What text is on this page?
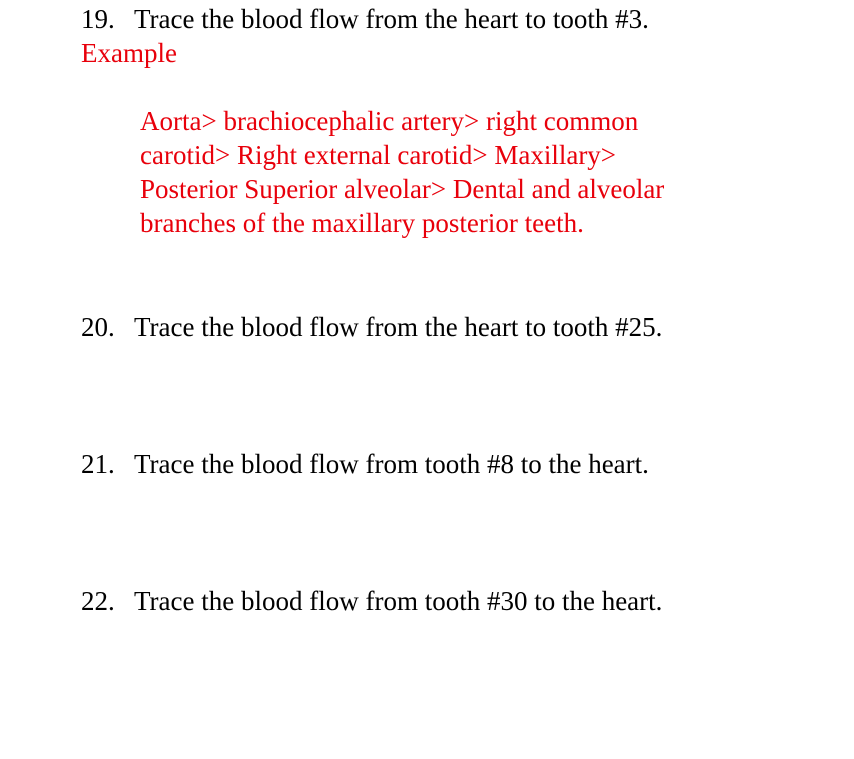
19. Trace the blood flow from the heart to tooth #3.
Example
Aorta> brachiocephalic artery> right common
carotid> Right external carotid> Maxillary>
Posterior Superior alveolar> Dental and alveolar
branches of the maxillary posterior teeth.
20. Trace the blood flow from the heart to tooth #25.
21. Trace the blood flow from tooth #8 to the heart.
22. Trace the blood flow from tooth #30 to the heart.
